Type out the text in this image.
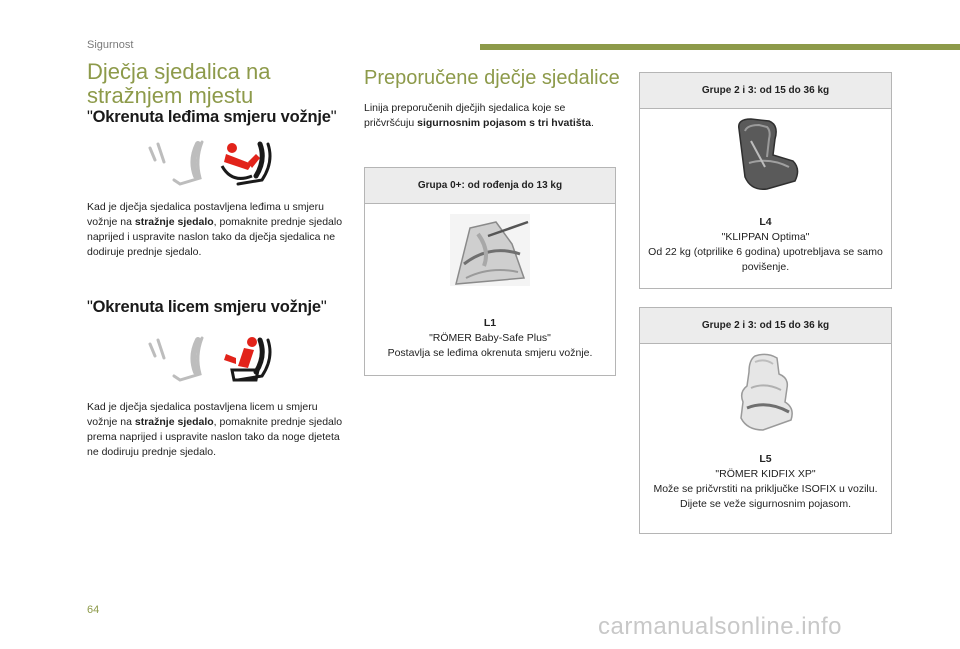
Sigurnost
Dječja sjedalica na stražnjem mjestu
"Okrenuta leđima smjeru vožnje"
Kad je dječja sjedalica postavljena leđima u smjeru vožnje na stražnje sjedalo, pomaknite prednje sjedalo naprijed i uspravite naslon tako da dječja sjedalica ne dodiruje prednje sjedalo.
"Okrenuta licem smjeru vožnje"
Kad je dječja sjedalica postavljena licem u smjeru vožnje na stražnje sjedalo, pomaknite prednje sjedalo prema naprijed i uspravite naslon tako da noge djeteta ne dodiruju prednje sjedalo.
Preporučene dječje sjedalice
Linija preporučenih dječjih sjedalica koje se pričvršćuju sigurnosnim pojasom s tri hvatišta.
Grupa 0+: od rođenja do 13 kg
L1
"RÖMER Baby-Safe Plus"
Postavlja se leđima okrenuta smjeru vožnje.
Grupe 2 i 3: od 15 do 36 kg
L4
"KLIPPAN Optima"
Od 22 kg (otprilike 6 godina) upotrebljava se samo povišenje.
Grupe 2 i 3: od 15 do 36 kg
L5
"RÖMER KIDFIX XP"
Može se pričvrstiti na priključke ISOFIX u vozilu.
Dijete se veže sigurnosnim pojasom.
64
carmanualsonline.info
